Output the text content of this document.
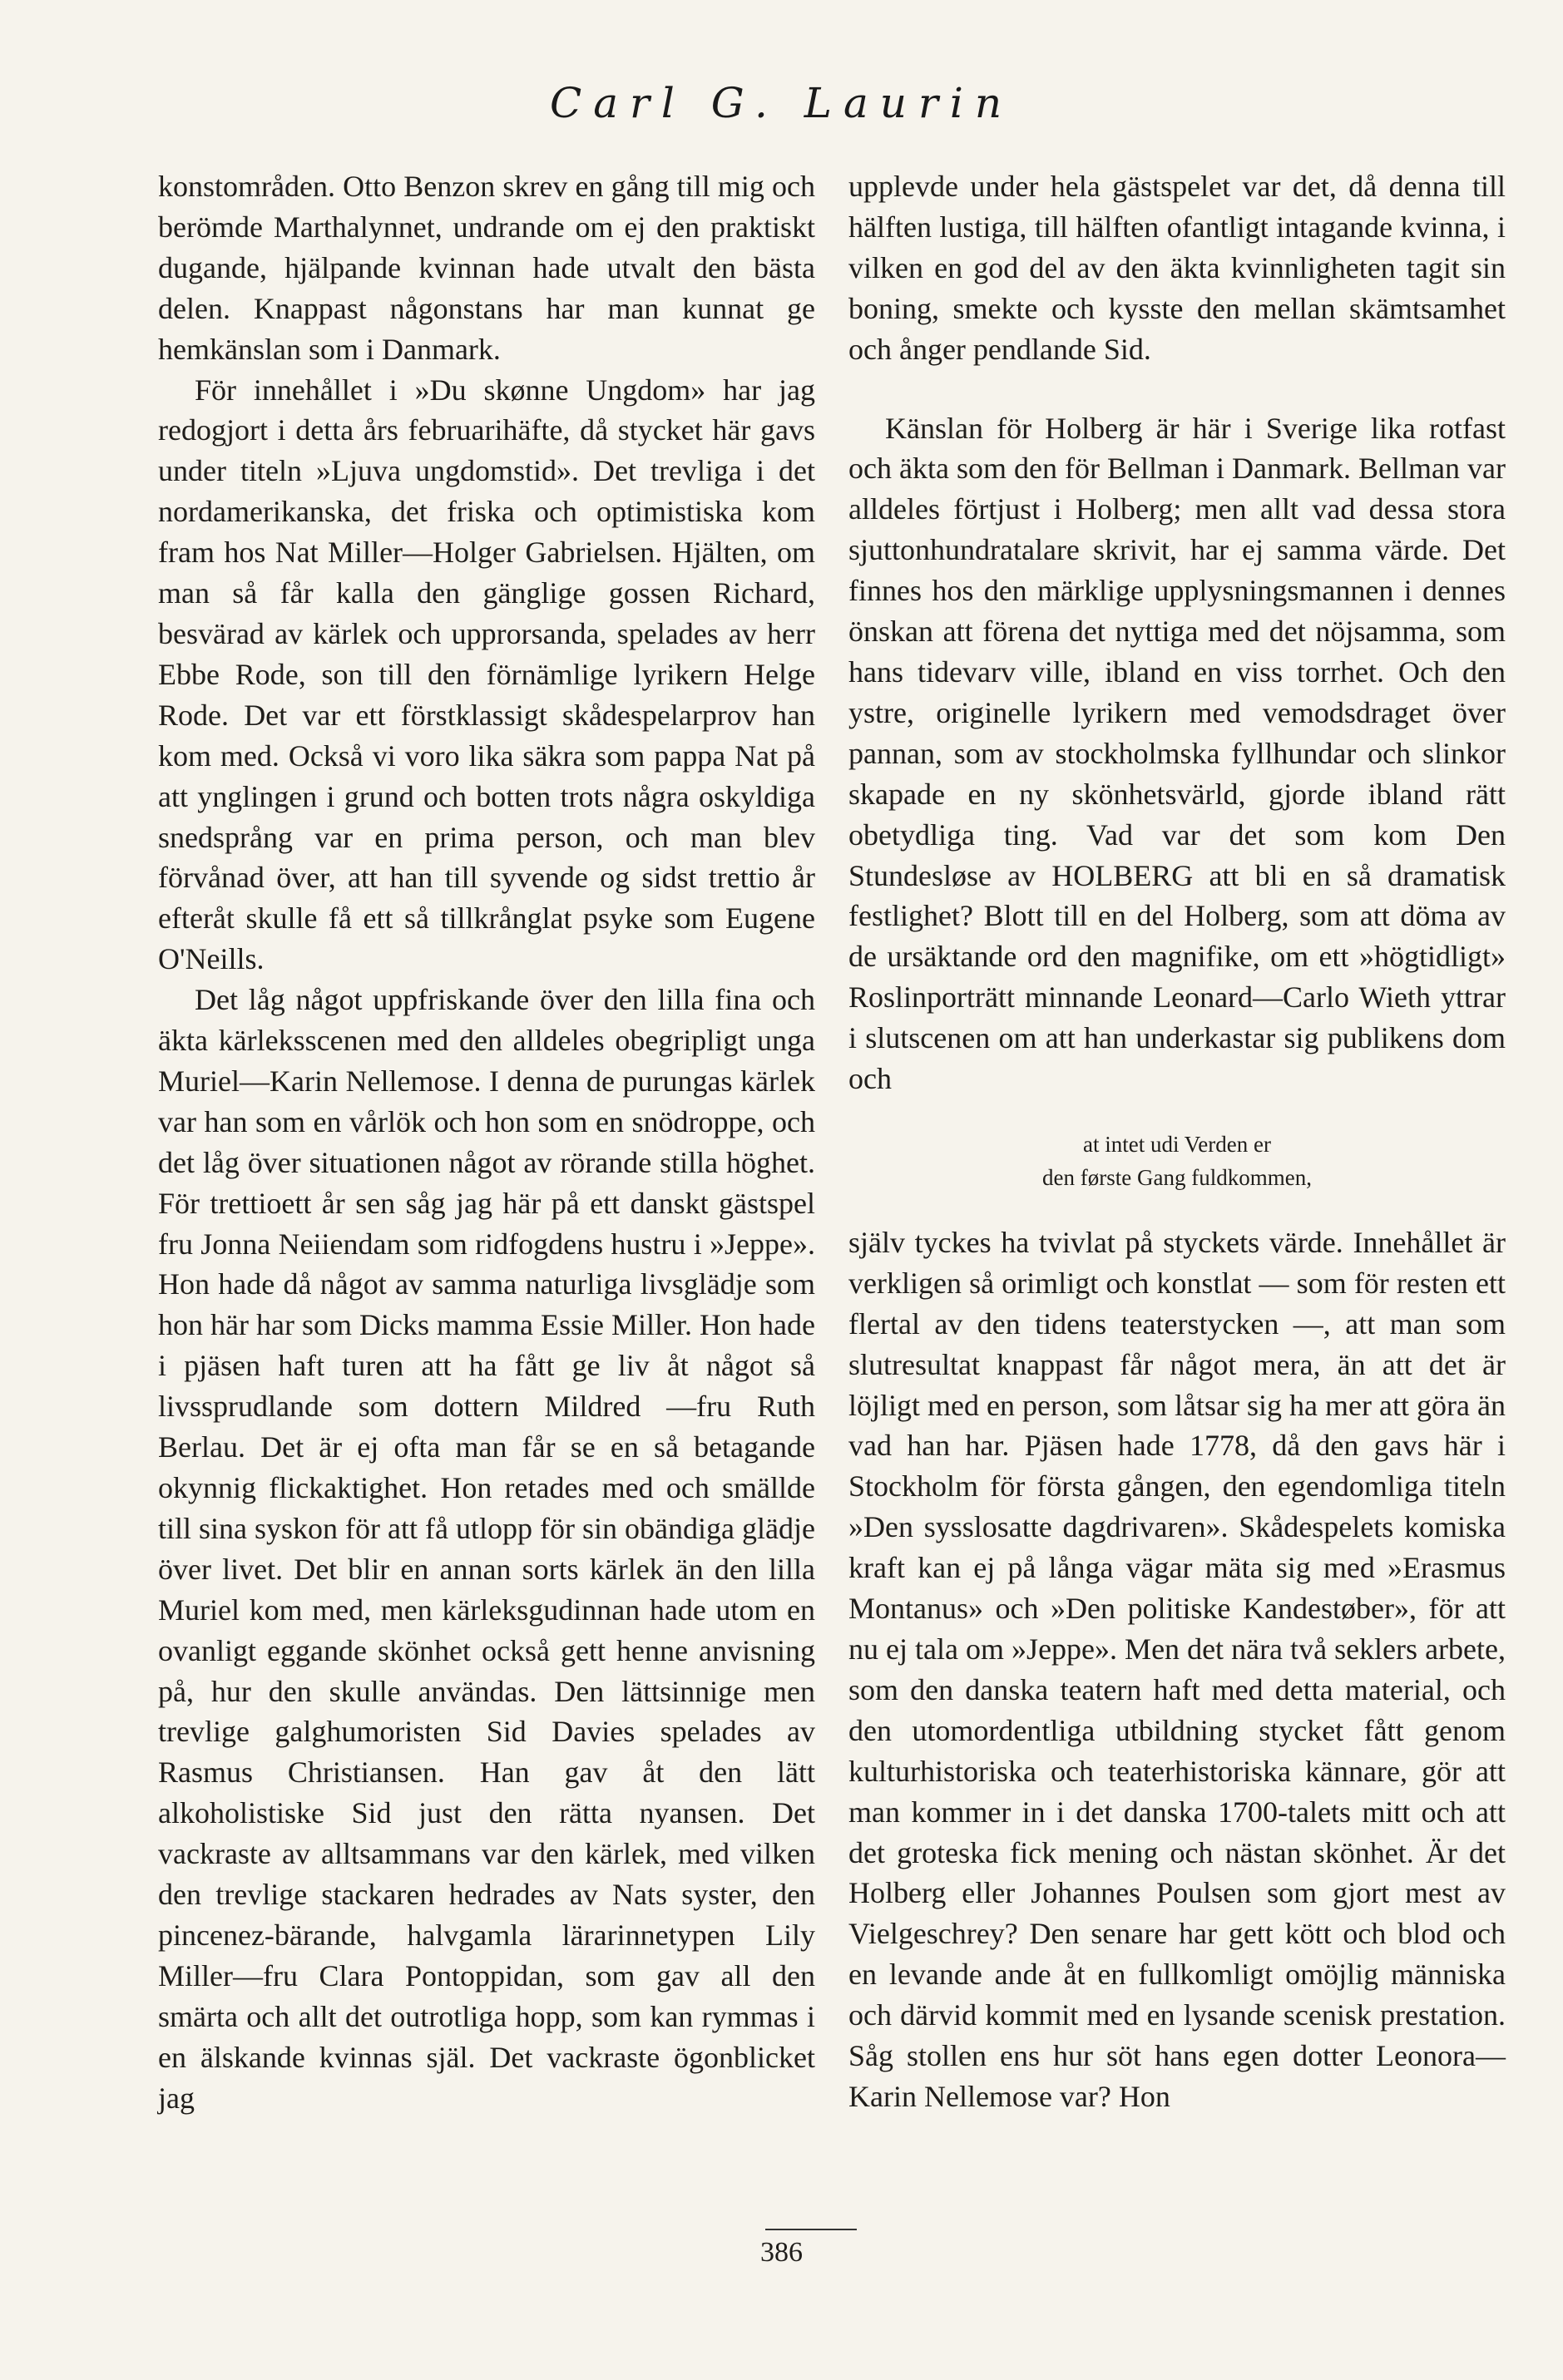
Carl G. Laurin

konstområden. Otto Benzon skrev en gång till mig och berömde Marthalynnet, undrande om ej den praktiskt dugande, hjälpande kvinnan hade utvalt den bästa delen. Knappast någonstans har man kunnat ge hemkänslan som i Danmark.

För innehållet i »Du skønne Ungdom» har jag redogjort i detta års februarihäfte, då stycket här gavs under titeln »Ljuva ungdomstid». Det trevliga i det nordamerikanska, det friska och optimistiska kom fram hos Nat Miller—Holger Gabrielsen. Hjälten, om man så får kalla den gänglige gossen Richard, besvärad av kärlek och upprorsanda, spelades av herr Ebbe Rode, son till den förnämlige lyrikern Helge Rode. Det var ett förstklassigt skådespelarprov han kom med. Också vi voro lika säkra som pappa Nat på att ynglingen i grund och botten trots några oskyldiga snedsprång var en prima person, och man blev förvånad över, att han till syvende og sidst trettio år efteråt skulle få ett så tillkrånglat psyke som Eugene O'Neills.

Det låg något uppfriskande över den lilla fina och äkta kärleksscenen med den alldeles obegripligt unga Muriel—Karin Nellemose. I denna de purungas kärlek var han som en vårlök och hon som en snödroppe, och det låg över situationen något av rörande stilla höghet. För trettioett år sen såg jag här på ett danskt gästspel fru Jonna Neiiendam som ridfogdens hustru i »Jeppe». Hon hade då något av samma naturliga livsglädje som hon här har som Dicks mamma Essie Miller. Hon hade i pjäsen haft turen att ha fått ge liv åt något så livssprudlande som dottern Mildred —fru Ruth Berlau. Det är ej ofta man får se en så betagande okynnig flickaktighet. Hon retades med och smällde till sina syskon för att få utlopp för sin obändiga glädje över livet. Det blir en annan sorts kärlek än den lilla Muriel kom med, men kärleksgudinnan hade utom en ovanligt eggande skönhet också gett henne anvisning på, hur den skulle användas. Den lättsinnige men trevlige galghumoristen Sid Davies spelades av Rasmus Christiansen. Han gav åt den lätt alkoholistiske Sid just den rätta nyansen. Det vackraste av alltsammans var den kärlek, med vilken den trevlige stackaren hedrades av Nats syster, den pincenez-bärande, halvgamla lärarinnetypen Lily Miller—fru Clara Pontoppidan, som gav all den smärta och allt det outrotliga hopp, som kan rymmas i en älskande kvinnas själ. Det vackraste ögonblicket jag

upplevde under hela gästspelet var det, då denna till hälften lustiga, till hälften ofantligt intagande kvinna, i vilken en god del av den äkta kvinnligheten tagit sin boning, smekte och kysste den mellan skämtsamhet och ånger pendlande Sid.

Känslan för Holberg är här i Sverige lika rotfast och äkta som den för Bellman i Danmark. Bellman var alldeles förtjust i Holberg; men allt vad dessa stora sjuttonhundratalare skrivit, har ej samma värde. Det finnes hos den märklige upplysningsmannen i dennes önskan att förena det nyttiga med det nöjsamma, som hans tidevarv ville, ibland en viss torrhet. Och den ystre, originelle lyrikern med vemodsdraget över pannan, som av stockholmska fyllhundar och slinkor skapade en ny skönhetsvärld, gjorde ibland rätt obetydliga ting. Vad var det som kom Den Stundesløse av HOLBERG att bli en så dramatisk festlighet? Blott till en del Holberg, som att döma av de ursäktande ord den magnifike, om ett »högtidligt» Roslinporträtt minnande Leonard—Carlo Wieth yttrar i slutscenen om att han underkastar sig publikens dom och

at intet udi Verden er
den første Gang fuldkommen,

själv tyckes ha tvivlat på styckets värde. Innehållet är verkligen så orimligt och konstlat — som för resten ett flertal av den tidens teaterstycken —, att man som slutresultat knappast får något mera, än att det är löjligt med en person, som låtsar sig ha mer att göra än vad han har. Pjäsen hade 1778, då den gavs här i Stockholm för första gången, den egendomliga titeln »Den sysslosatte dagdrivaren». Skådespelets komiska kraft kan ej på långa vägar mäta sig med »Erasmus Montanus» och »Den politiske Kandestøber», för att nu ej tala om »Jeppe». Men det nära två seklers arbete, som den danska teatern haft med detta material, och den utomordentliga utbildning stycket fått genom kulturhistoriska och teaterhistoriska kännare, gör att man kommer in i det danska 1700-talets mitt och att det groteska fick mening och nästan skönhet. Är det Holberg eller Johannes Poulsen som gjort mest av Vielgeschrey? Den senare har gett kött och blod och en levande ande åt en fullkomligt omöjlig människa och därvid kommit med en lysande scenisk prestation. Såg stollen ens hur söt hans egen dotter Leonora—Karin Nellemose var? Hon

386
